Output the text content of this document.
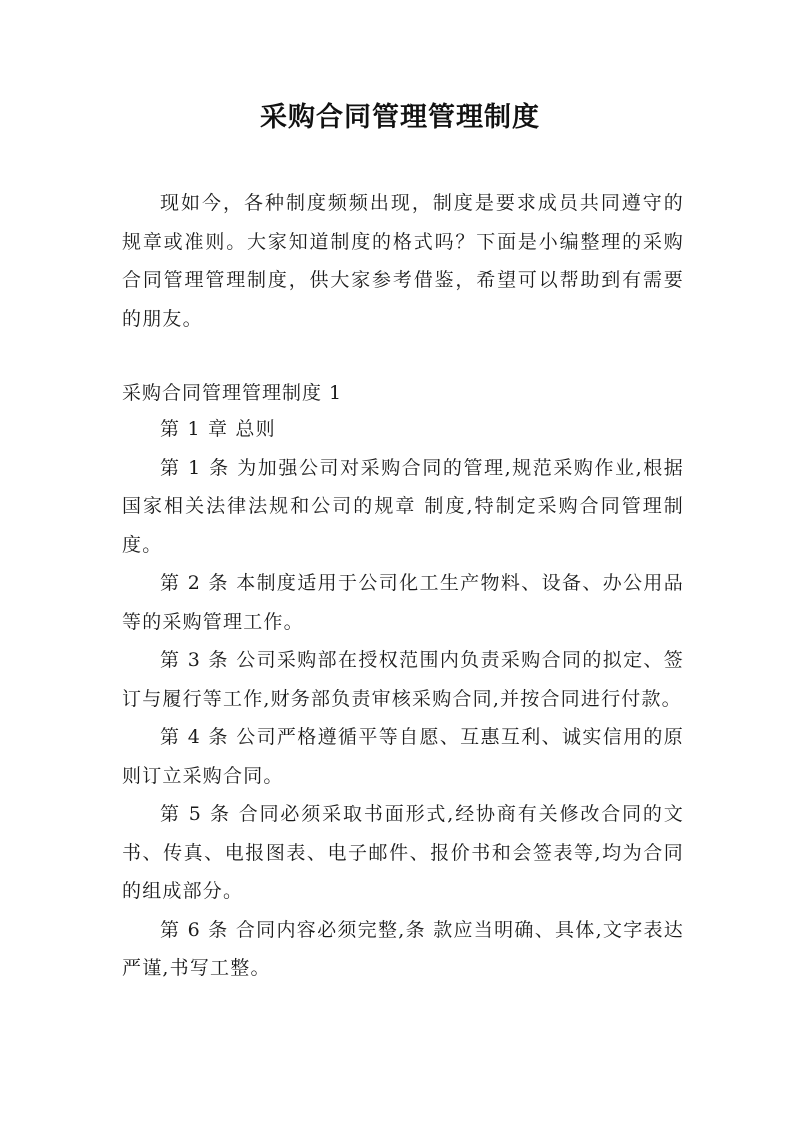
采购合同管理管理制度
现如今，各种制度频频出现，制度是要求成员共同遵守的规章或准则。大家知道制度的格式吗？下面是小编整理的采购合同管理管理制度，供大家参考借鉴，希望可以帮助到有需要的朋友。
采购合同管理管理制度 1

第 1 章 总则

第 1 条 为加强公司对采购合同的管理,规范采购作业,根据国家相关法律法规和公司的规章 制度,特制定采购合同管理制度。

第 2 条 本制度适用于公司化工生产物料、设备、办公用品等的采购管理工作。

第 3 条 公司采购部在授权范围内负责采购合同的拟定、签订与履行等工作,财务部负责审核采购合同,并按合同进行付款。

第 4 条 公司严格遵循平等自愿、互惠互利、诚实信用的原则订立采购合同。

第 5 条 合同必须采取书面形式,经协商有关修改合同的文书、传真、电报图表、电子邮件、报价书和会签表等,均为合同的组成部分。

第 6 条 合同内容必须完整,条 款应当明确、具体,文字表达严谨,书写工整。
